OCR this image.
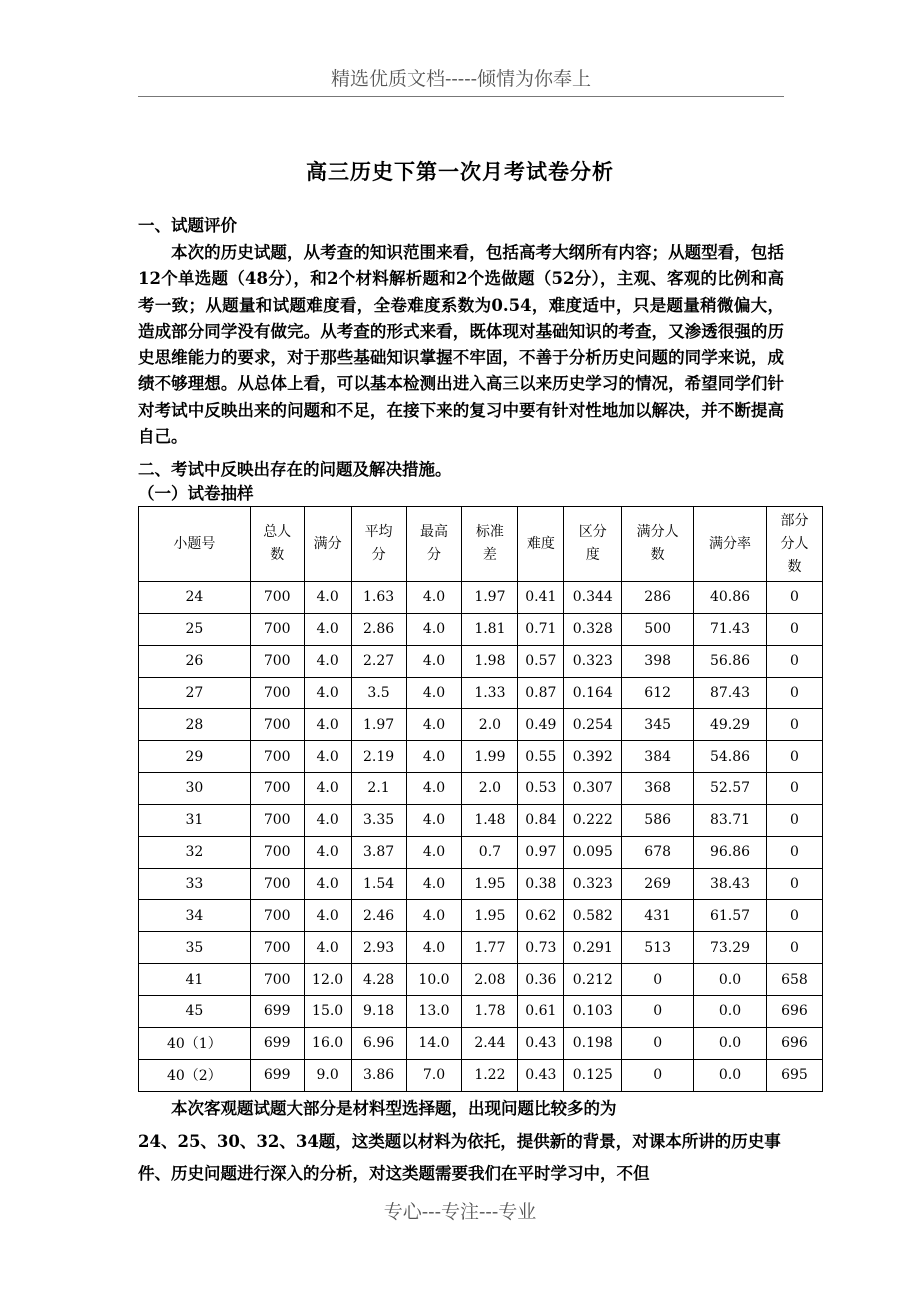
精选优质文档-----倾情为你奉上
高三历史下第一次月考试卷分析
一、试题评价
本次的历史试题，从考查的知识范围来看，包括高考大纲所有内容；从题型看，包括12个单选题（48分），和2个材料解析题和2个选做题（52分），主观、客观的比例和高考一致；从题量和试题难度看，全卷难度系数为0.54，难度适中，只是题量稍微偏大，造成部分同学没有做完。从考查的形式来看，既体现对基础知识的考查，又渗透很强的历史思维能力的要求，对于那些基础知识掌握不牢固，不善于分析历史问题的同学来说，成绩不够理想。从总体上看，可以基本检测出进入高三以来历史学习的情况，希望同学们针对考试中反映出来的问题和不足，在接下来的复习中要有针对性地加以解决，并不断提高自己。
二、考试中反映出存在的问题及解决措施。
（一）试卷抽样
小题号	总人数	满分	平均分	最高分	标准差	难度	区分度	满分人数	满分率	部分分人数
24	700	4.0	1.63	4.0	1.97	0.41	0.344	286	40.86	0
25	700	4.0	2.86	4.0	1.81	0.71	0.328	500	71.43	0
26	700	4.0	2.27	4.0	1.98	0.57	0.323	398	56.86	0
27	700	4.0	3.5	4.0	1.33	0.87	0.164	612	87.43	0
28	700	4.0	1.97	4.0	2.0	0.49	0.254	345	49.29	0
29	700	4.0	2.19	4.0	1.99	0.55	0.392	384	54.86	0
30	700	4.0	2.1	4.0	2.0	0.53	0.307	368	52.57	0
31	700	4.0	3.35	4.0	1.48	0.84	0.222	586	83.71	0
32	700	4.0	3.87	4.0	0.7	0.97	0.095	678	96.86	0
33	700	4.0	1.54	4.0	1.95	0.38	0.323	269	38.43	0
34	700	4.0	2.46	4.0	1.95	0.62	0.582	431	61.57	0
35	700	4.0	2.93	4.0	1.77	0.73	0.291	513	73.29	0
41	700	12.0	4.28	10.0	2.08	0.36	0.212	0	0.0	658
45	699	15.0	9.18	13.0	1.78	0.61	0.103	0	0.0	696
40（1）	699	16.0	6.96	14.0	2.44	0.43	0.198	0	0.0	696
40（2）	699	9.0	3.86	7.0	1.22	0.43	0.125	0	0.0	695
本次客观题试题大部分是材料型选择题，出现问题比较多的为
24、25、30、32、34题，这类题以材料为依托，提供新的背景，对课本所讲的历史事件、历史问题进行深入的分析，对这类题需要我们在平时学习中，不但
专心---专注---专业
